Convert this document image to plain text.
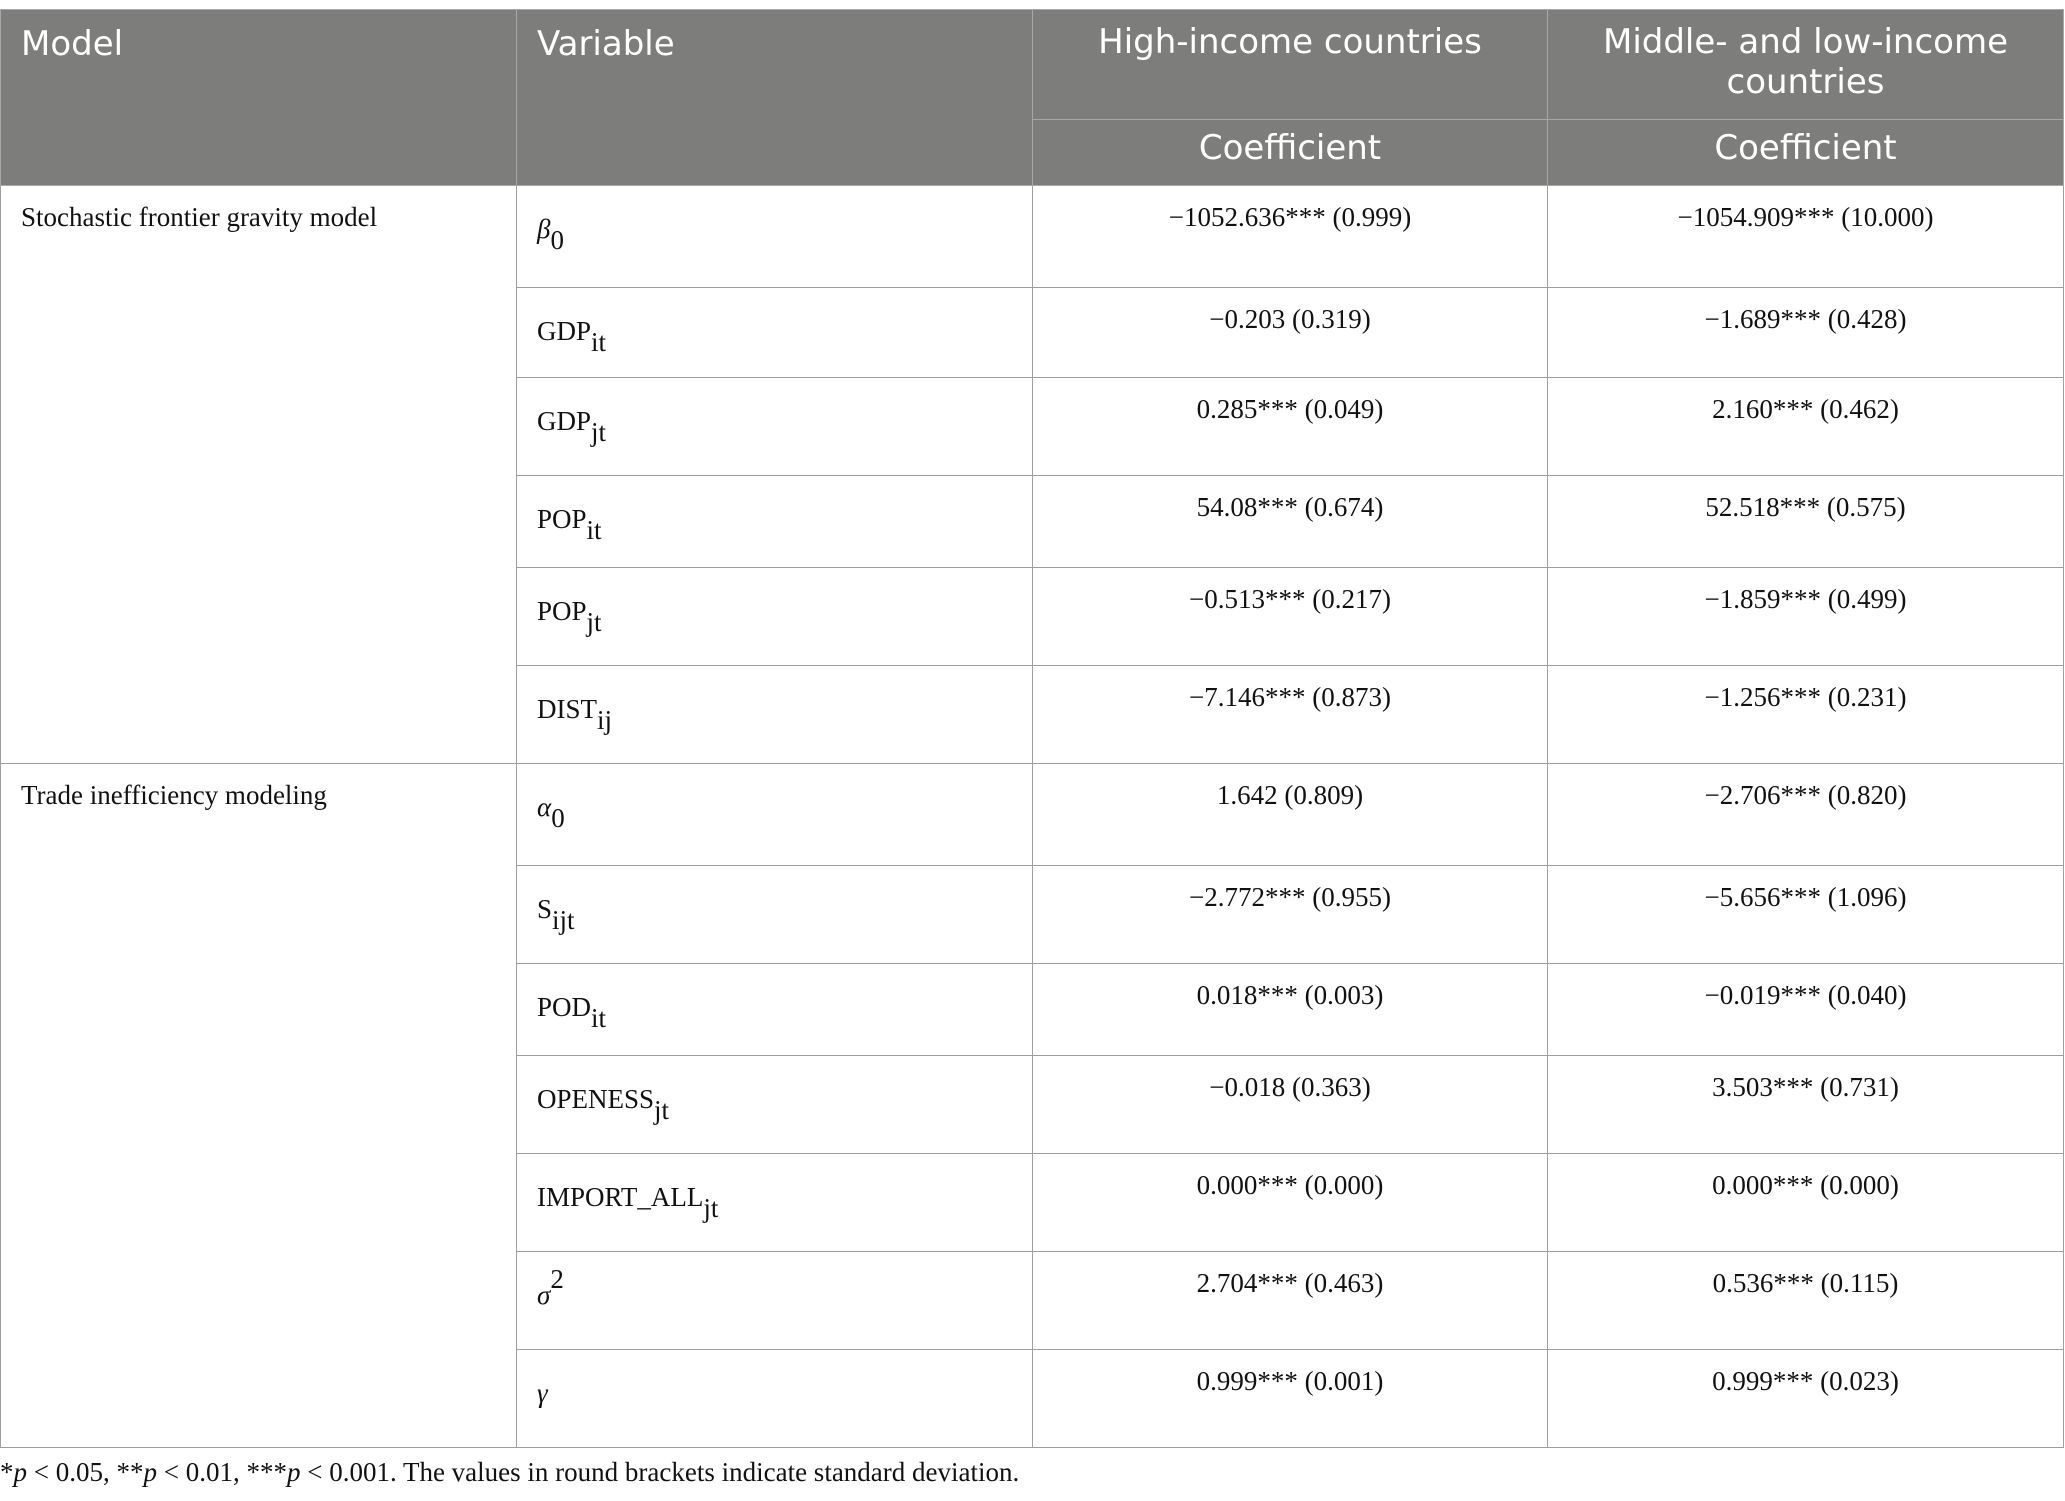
Model	Variable	High-income countries	Middle- and low-income countries
		Coefficient	Coefficient
Stochastic frontier gravity model	$\beta_0$	−1052.636*** (0.999)	−1054.909*** (10.000)
	$GDP_{it}$	−0.203 (0.319)	−1.689*** (0.428)
	$GDP_{jt}$	0.285*** (0.049)	2.160*** (0.462)
	$POP_{it}$	54.08*** (0.674)	52.518*** (0.575)
	$POP_{jt}$	−0.513*** (0.217)	−1.859*** (0.499)
	$DIST_{ij}$	−7.146*** (0.873)	−1.256*** (0.231)
Trade inefficiency modeling	$\alpha_0$	1.642 (0.809)	−2.706*** (0.820)
	$S_{ijt}$	−2.772*** (0.955)	−5.656*** (1.096)
	$POD_{it}$	0.018*** (0.003)	−0.019*** (0.040)
	$OPENESS_{jt}$	−0.018 (0.363)	3.503*** (0.731)
	$IMPORT\_ALL_{jt}$	0.000*** (0.000)	0.000*** (0.000)
	$\sigma^2$	2.704*** (0.463)	0.536*** (0.115)
	γ	0.999*** (0.001)	0.999*** (0.023)
*p < 0.05, **p < 0.01, ***p < 0.001. The values in round brackets indicate standard deviation.
